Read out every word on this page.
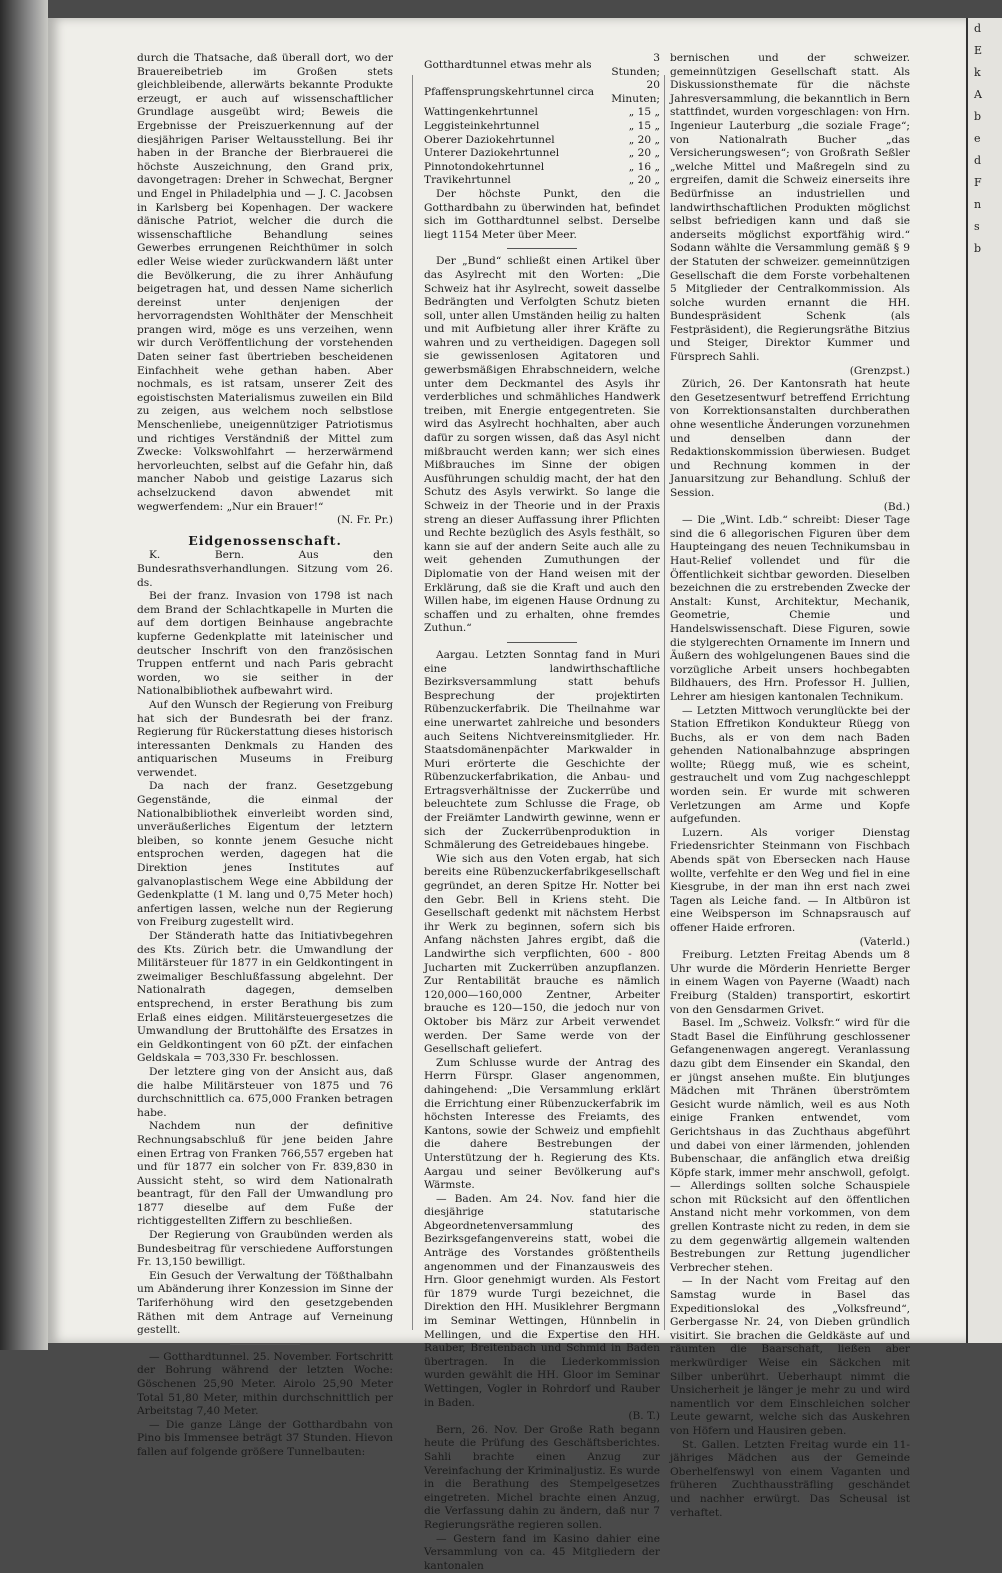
durch die Thatsache, daß überall dort, wo der Brauereibetrieb im Großen stets gleichbleibende, allerwärts bekannte Produkte erzeugt, er auch auf wissenschaftlicher Grundlage ausgeübt wird; Beweis die Ergebnisse der Preiszuerkennung auf der diesjährigen Pariser Weltausstellung. Bei ihr haben in der Branche der Bierbrauerei die höchste Auszeichnung, den Grand prix, davongetragen: Dreher in Schwechat, Bergner und Engel in Philadelphia und — J. C. Jacobsen in Karlsberg bei Kopenhagen. Der wackere dänische Patriot, welcher die durch die wissenschaftliche Behandlung seines Gewerbes errungenen Reichthümer in solch edler Weise wieder zurückwandern läßt unter die Bevölkerung, die zu ihrer Anhäufung beigetragen hat, und dessen Name sicherlich dereinst unter denjenigen der hervorragendsten Wohlthäter der Menschheit prangen wird, möge es uns verzeihen, wenn wir durch Veröffentlichung der vorstehenden Daten seiner fast übertrieben bescheidenen Einfachheit wehe gethan haben. Aber nochmals, es ist ratsam, unserer Zeit des egoistischsten Materialismus zuweilen ein Bild zu zeigen, aus welchem noch selbstlose Menschenliebe, uneigennütziger Patriotismus und richtiges Verständniß der Mittel zum Zwecke: Volkswohlfahrt — herzerwärmend hervorleuchten, selbst auf die Gefahr hin, daß mancher Nabob und geistige Lazarus sich achselzuckend davon abwendet mit wegwerfendem: „Nur ein Brauer!“

(N. Fr. Pr.)

Eidgenossenschaft.

K. Bern. Aus den Bundesrathsverhandlungen. Sitzung vom 26. ds.

Bei der franz. Invasion von 1798 ist nach dem Brand der Schlachtkapelle in Murten die auf dem dortigen Beinhause angebrachte kupferne Gedenkplatte mit lateinischer und deutscher Inschrift von den französischen Truppen entfernt und nach Paris gebracht worden, wo sie seither in der Nationalbibliothek aufbewahrt wird.

Auf den Wunsch der Regierung von Freiburg hat sich der Bundesrath bei der franz. Regierung für Rückerstattung dieses historisch interessanten Denkmals zu Handen des antiquarischen Museums in Freiburg verwendet.

Da nach der franz. Gesetzgebung Gegenstände, die einmal der Nationalbibliothek einverleibt worden sind, unveräußerliches Eigentum der letztern bleiben, so konnte jenem Gesuche nicht entsprochen werden, dagegen hat die Direktion jenes Institutes auf galvanoplastischem Wege eine Abbildung der Gedenkplatte (1 M. lang und 0,75 Meter hoch) anfertigen lassen, welche nun der Regierung von Freiburg zugestellt wird.

Der Ständerath hatte das Initiativbegehren des Kts. Zürich betr. die Umwandlung der Militärsteuer für 1877 in ein Geldkontingent in zweimaliger Beschlußfassung abgelehnt. Der Nationalrath dagegen, demselben entsprechend, in erster Berathung bis zum Erlaß eines eidgen. Militärsteuergesetzes die Umwandlung der Bruttohälfte des Ersatzes in ein Geldkontingent von 60 pZt. der einfachen Geldskala = 703,330 Fr. beschlossen.

Der letztere ging von der Ansicht aus, daß die halbe Militärsteuer von 1875 und 76 durchschnittlich ca. 675,000 Franken betragen habe.

Nachdem nun der definitive Rechnungsabschluß für jene beiden Jahre einen Ertrag von Franken 766,557 ergeben hat und für 1877 ein solcher von Fr. 839,830 in Aussicht steht, so wird dem Nationalrath beantragt, für den Fall der Umwandlung pro 1877 dieselbe auf dem Fuße der richtiggestellten Ziffern zu beschließen.

Der Regierung von Graubünden werden als Bundesbeitrag für verschiedene Aufforstungen Fr. 13,150 bewilligt.

Ein Gesuch der Verwaltung der Tößthalbahn um Abänderung ihrer Konzession im Sinne der Tariferhöhung wird den gesetzgebenden Räthen mit dem Antrage auf Verneinung gestellt.

— Gotthardtunnel. 25. November. Fortschritt der Bohrung während der letzten Woche: Göschenen 25,90 Meter. Airolo 25,90 Meter Total 51,80 Meter, mithin durchschnittlich per Arbeitstag 7,40 Meter.

— Die ganze Länge der Gotthardbahn von Pino bis Immensee beträgt 37 Stunden. Hievon fallen auf folgende größere Tunnelbauten:

Gotthardtunnel etwas mehr als	3 Stunden;
Pfaffensprungskehrtunnel circa	20 Minuten;
Wattingenkehrtunnel	„ 15 „
Leggisteinkehrtunnel	„ 15 „
Oberer Daziokehrtunnel	„ 20 „
Unterer Daziokehrtunnel	„ 20 „
Pinnotondokehrtunnel	„ 16 „
Travikehrtunnel	„ 20 „

Der höchste Punkt, den die Gotthardbahn zu überwinden hat, befindet sich im Gotthardtunnel selbst. Derselbe liegt 1154 Meter über Meer.

Der „Bund“ schließt einen Artikel über das Asylrecht mit den Worten: „Die Schweiz hat ihr Asylrecht, soweit dasselbe Bedrängten und Verfolgten Schutz bieten soll, unter allen Umständen heilig zu halten und mit Aufbietung aller ihrer Kräfte zu wahren und zu vertheidigen. Dagegen soll sie gewissenlosen Agitatoren und gewerbsmäßigen Ehrabschneidern, welche unter dem Deckmantel des Asyls ihr verderbliches und schmähliches Handwerk treiben, mit Energie entgegentreten. Sie wird das Asylrecht hochhalten, aber auch dafür zu sorgen wissen, daß das Asyl nicht mißbraucht werden kann; wer sich eines Mißbrauches im Sinne der obigen Ausführungen schuldig macht, der hat den Schutz des Asyls verwirkt. So lange die Schweiz in der Theorie und in der Praxis streng an dieser Auffassung ihrer Pflichten und Rechte bezüglich des Asyls festhält, so kann sie auf der andern Seite auch alle zu weit gehenden Zumuthungen der Diplomatie von der Hand weisen mit der Erklärung, daß sie die Kraft und auch den Willen habe, im eigenen Hause Ordnung zu schaffen und zu erhalten, ohne fremdes Zuthun.“

Aargau. Letzten Sonntag fand in Muri eine landwirthschaftliche Bezirksversammlung statt behufs Besprechung der projektirten Rübenzuckerfabrik. Die Theilnahme war eine unerwartet zahlreiche und besonders auch Seitens Nichtvereinsmitglieder. Hr. Staatsdomänenpächter Markwalder in Muri erörterte die Geschichte der Rübenzuckerfabrikation, die Anbau- und Ertragsverhältnisse der Zuckerrübe und beleuchtete zum Schlusse die Frage, ob der Freiämter Landwirth gewinne, wenn er sich der Zuckerrübenproduktion in Schmälerung des Getreidebaues hingebe.

Wie sich aus den Voten ergab, hat sich bereits eine Rübenzuckerfabrikgesellschaft gegründet, an deren Spitze Hr. Notter bei den Gebr. Bell in Kriens steht. Die Gesellschaft gedenkt mit nächstem Herbst ihr Werk zu beginnen, sofern sich bis Anfang nächsten Jahres ergibt, daß die Landwirthe sich verpflichten, 600 - 800 Jucharten mit Zuckerrüben anzupflanzen. Zur Rentabilität brauche es nämlich 120,000—160,000 Zentner, Arbeiter brauche es 120—150, die jedoch nur von Oktober bis März zur Arbeit verwendet werden. Der Same werde von der Gesellschaft geliefert.

Zum Schlusse wurde der Antrag des Herrn Fürspr. Glaser angenommen, dahingehend: „Die Versammlung erklärt die Errichtung einer Rübenzuckerfabrik im höchsten Interesse des Freiamts, des Kantons, sowie der Schweiz und empfiehlt die dahere Bestrebungen der Unterstützung der h. Regierung des Kts. Aargau und seiner Bevölkerung auf's Wärmste.

— Baden. Am 24. Nov. fand hier die diesjährige statutarische Abgeordnetenversammlung des Bezirksgefangenvereins statt, wobei die Anträge des Vorstandes größtentheils angenommen und der Finanzausweis des Hrn. Gloor genehmigt wurden. Als Festort für 1879 wurde Turgi bezeichnet, die Direktion den HH. Musiklehrer Bergmann im Seminar Wettingen, Hünnbelin in Mellingen, und die Expertise den HH. Rauber, Breitenbach und Schmid in Baden übertragen. In die Liederkommission wurden gewählt die HH. Gloor im Seminar Wettingen, Vogler in Rohrdorf und Rauber in Baden.

(B. T.)

Bern, 26. Nov. Der Große Rath begann heute die Prüfung des Geschäftsberichtes. Sahli brachte einen Anzug zur Vereinfachung der Kriminaljustiz. Es wurde in die Berathung des Stempelgesetzes eingetreten. Michel brachte einen Anzug, die Verfassung dahin zu ändern, daß nur 7 Regierungsräthe regieren sollen.

— Gestern fand im Kasino dahier eine Versammlung von ca. 45 Mitgliedern der kantonalen

bernischen und der schweizer. gemeinnützigen Gesellschaft statt. Als Diskussionsthemate für die nächste Jahresversammlung, die bekanntlich in Bern stattfindet, wurden vorgeschlagen: von Hrn. Ingenieur Lauterburg „die soziale Frage“; von Nationalrath Bucher „das Versicherungswesen“; von Großrath Seßler „welche Mittel und Maßregeln sind zu ergreifen, damit die Schweiz einerseits ihre Bedürfnisse an industriellen und landwirthschaftlichen Produkten möglichst selbst befriedigen kann und daß sie anderseits möglichst exportfähig wird.“ Sodann wählte die Versammlung gemäß § 9 der Statuten der schweizer. gemeinnützigen Gesellschaft die dem Forste vorbehaltenen 5 Mitglieder der Centralkommission. Als solche wurden ernannt die HH. Bundespräsident Schenk (als Festpräsident), die Regierungsräthe Bitzius und Steiger, Direktor Kummer und Fürsprech Sahli.

(Grenzpst.)

Zürich, 26. Der Kantonsrath hat heute den Gesetzesentwurf betreffend Errichtung von Korrektionsanstalten durchberathen ohne wesentliche Änderungen vorzunehmen und denselben dann der Redaktionskommission überwiesen. Budget und Rechnung kommen in der Januarsitzung zur Behandlung. Schluß der Session.

(Bd.)

— Die „Wint. Ldb.“ schreibt: Dieser Tage sind die 6 allegorischen Figuren über dem Haupteingang des neuen Technikumsbau in Haut-Relief vollendet und für die Öffentlichkeit sichtbar geworden. Dieselben bezeichnen die zu erstrebenden Zwecke der Anstalt: Kunst, Architektur, Mechanik, Geometrie, Chemie und Handelswissenschaft. Diese Figuren, sowie die stylgerechten Ornamente im Innern und Äußern des wohlgelungenen Baues sind die vorzügliche Arbeit unsers hochbegabten Bildhauers, des Hrn. Professor H. Jullien, Lehrer am hiesigen kantonalen Technikum.

— Letzten Mittwoch verunglückte bei der Station Effretikon Kondukteur Rüegg von Buchs, als er von dem nach Baden gehenden Nationalbahnzuge abspringen wollte; Rüegg muß, wie es scheint, gestrauchelt und vom Zug nachgeschleppt worden sein. Er wurde mit schweren Verletzungen am Arme und Kopfe aufgefunden.

Luzern. Als voriger Dienstag Friedensrichter Steinmann von Fischbach Abends spät von Ebersecken nach Hause wollte, verfehlte er den Weg und fiel in eine Kiesgrube, in der man ihn erst nach zwei Tagen als Leiche fand. — In Altbüron ist eine Weibsperson im Schnapsrausch auf offener Haide erfroren.

(Vaterld.)

Freiburg. Letzten Freitag Abends um 8 Uhr wurde die Mörderin Henriette Berger in einem Wagen von Payerne (Waadt) nach Freiburg (Stalden) transportirt, eskortirt von den Gensdarmen Grivet.

Basel. Im „Schweiz. Volksfr.“ wird für die Stadt Basel die Einführung geschlossener Gefangenenwagen angeregt. Veranlassung dazu gibt dem Einsender ein Skandal, den er jüngst ansehen mußte. Ein blutjunges Mädchen mit Thränen überströmtem Gesicht wurde nämlich, weil es aus Noth einige Franken entwendet, vom Gerichtshaus in das Zuchthaus abgeführt und dabei von einer lärmenden, johlenden Bubenschaar, die anfänglich etwa dreißig Köpfe stark, immer mehr anschwoll, gefolgt. — Allerdings sollten solche Schauspiele schon mit Rücksicht auf den öffentlichen Anstand nicht mehr vorkommen, von dem grellen Kontraste nicht zu reden, in dem sie zu dem gegenwärtig allgemein waltenden Bestrebungen zur Rettung jugendlicher Verbrecher stehen.

— In der Nacht vom Freitag auf den Samstag wurde in Basel das Expeditionslokal des „Volksfreund“, Gerbergasse Nr. 24, von Dieben gründlich visitirt. Sie brachen die Geldkäste auf und räumten die Baarschaft, ließen aber merkwürdiger Weise ein Säckchen mit Silber unberührt. Ueberhaupt nimmt die Unsicherheit je länger je mehr zu und wird namentlich vor dem Einschleichen solcher Leute gewarnt, welche sich das Auskehren von Höfern und Hausiren geben.

St. Gallen. Letzten Freitag wurde ein 11-jähriges Mädchen aus der Gemeinde Oberhelfenswyl von einem Vaganten und früheren Zuchthaussträfling geschändet und nachher erwürgt. Das Scheusal ist verhaftet.

d
E
k
A
b
e
d
F
n
s
b
